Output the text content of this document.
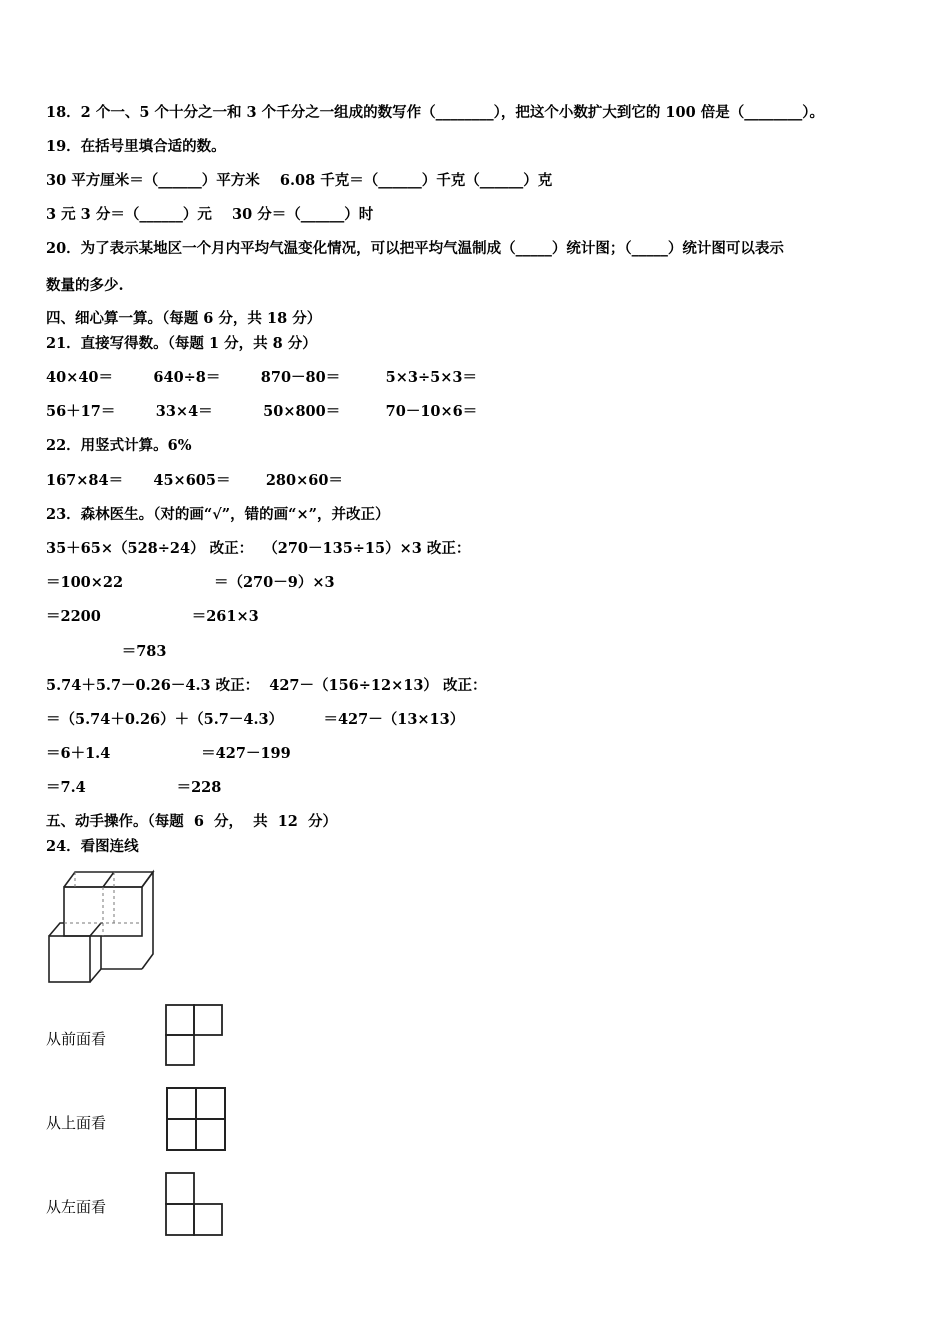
18．2 个一、5 个十分之一和 3 个千分之一组成的数写作（________），把这个小数扩大到它的 100 倍是（________）。
19．在括号里填合适的数。
30 平方厘米＝（______）平方米    6.08 千克＝（______）千克（______）克
3 元 3 分＝（______）元    30 分＝（______）时
20．为了表示某地区一个月内平均气温变化情况，可以把平均气温制成（_____）统计图；（_____）统计图可以表示
数量的多少.
四、细心算一算。（每题 6 分，共 18 分）
21．直接写得数。（每题 1 分，共 8 分）
40×40＝        640÷8＝        870－80＝         5×3÷5×3＝
56＋17＝        33×4＝          50×800＝         70－10×6＝
22．用竖式计算。6%
167×84＝      45×605＝       280×60＝
23．森林医生。（对的画“√”，错的画“×”，并改正）
35＋65×（528÷24） 改正：  （270－135÷15）×3 改正：
＝100×22                  ＝（270－9）×3
＝2200                  ＝261×3
＝783
5.74＋5.7－0.26－4.3 改正：  427－（156÷12×13） 改正：
＝（5.74＋0.26）＋（5.7－4.3）        ＝427－（13×13）
＝6＋1.4                  ＝427－199
＝7.4                  ＝228
五、动手操作。（每题  6  分，  共  12  分）
24．看图连线
从前面看
从上面看
从左面看
